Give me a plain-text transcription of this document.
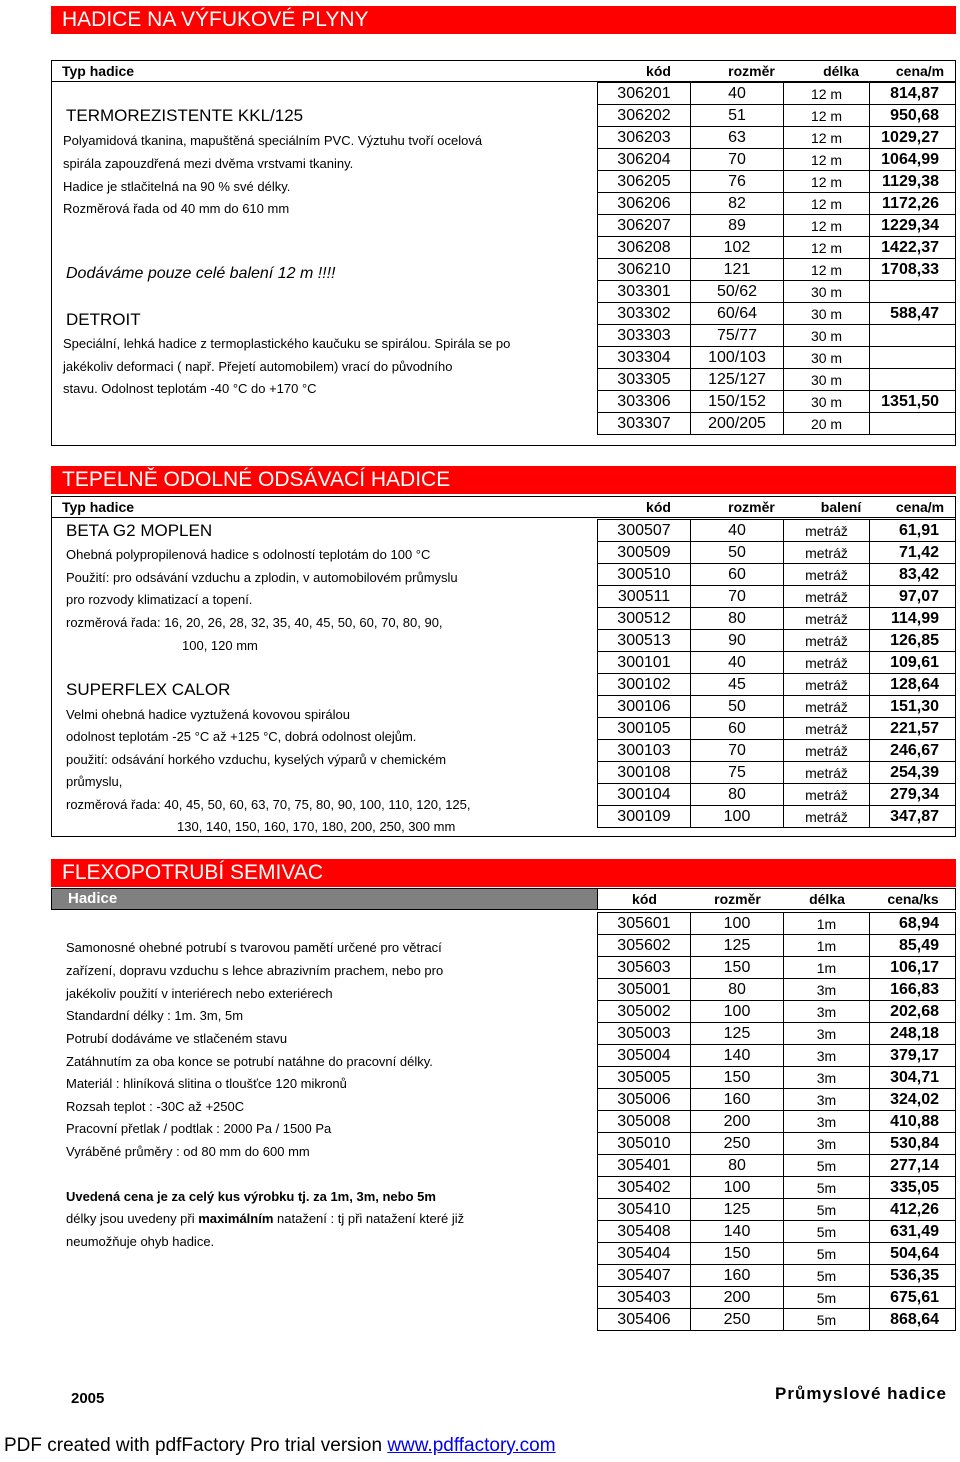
HADICE NA VÝFUKOVÉ PLYNY
Typ hadice	kód	rozměr	délka	cena/m
TERMOREZISTENTE KKL/125
Polyamidová tkanina, mapuštěná speciálním PVC. Výztuhu tvoří ocelová
spirála zapouzdřená mezi dvěma vrstvami tkaniny.
Hadice je stlačitelná na 90 % své délky.
Rozměrová řada od 40 mm do 610 mm
Dodáváme pouze celé balení 12 m !!!!
DETROIT
Speciální, lehká hadice z termoplastického kaučuku se spirálou. Spirála se po
jakékoliv deformaci ( např. Přejetí automobilem) vrací do původního
stavu. Odolnost teplotám -40 °C do +170 °C
306201	40	12 m	814,87
306202	51	12 m	950,68
306203	63	12 m	1029,27
306204	70	12 m	1064,99
306205	76	12 m	1129,38
306206	82	12 m	1172,26
306207	89	12 m	1229,34
306208	102	12 m	1422,37
306210	121	12 m	1708,33
303301	50/62	30 m	
303302	60/64	30 m	588,47
303303	75/77	30 m	
303304	100/103	30 m	
303305	125/127	30 m	
303306	150/152	30 m	1351,50
303307	200/205	20 m	
TEPELNĚ ODOLNÉ ODSÁVACÍ HADICE
Typ hadice	kód	rozměr	balení	cena/m
BETA G2 MOPLEN
Ohebná polypropilenová hadice s odolností teplotám do 100 °C
Použití: pro odsávání vzduchu a zplodin, v automobilovém průmyslu
pro rozvody klimatizací a topení.
rozměrová řada: 16, 20, 26, 28, 32, 35, 40, 45, 50, 60, 70, 80, 90,
100, 120 mm
SUPERFLEX CALOR
Velmi ohebná hadice vyztužená kovovou spirálou
odolnost teplotám -25 °C až +125 °C, dobrá odolnost olejům.
použití: odsávání horkého vzduchu, kyselých výparů v chemickém
průmyslu,
rozměrová řada: 40, 45, 50, 60, 63, 70, 75, 80, 90, 100, 110, 120, 125,
130, 140, 150, 160, 170, 180, 200, 250, 300 mm
300507	40	metráž	61,91
300509	50	metráž	71,42
300510	60	metráž	83,42
300511	70	metráž	97,07
300512	80	metráž	114,99
300513	90	metráž	126,85
300101	40	metráž	109,61
300102	45	metráž	128,64
300106	50	metráž	151,30
300105	60	metráž	221,57
300103	70	metráž	246,67
300108	75	metráž	254,39
300104	80	metráž	279,34
300109	100	metráž	347,87
FLEXOPOTRUBÍ SEMIVAC
Hadice	kód	rozměr	délka	cena/ks
Samonosné ohebné potrubí s tvarovou pamětí určené pro větrací
zařízení, dopravu vzduchu s lehce abrazivním prachem, nebo pro
jakékoliv použití v interiérech nebo exteriérech
Standardní délky : 1m. 3m, 5m
Potrubí dodáváme ve stlačeném stavu
Zatáhnutím za oba konce se potrubí natáhne do pracovní délky.
Materiál : hliníková slitina o tloušťce 120 mikronů
Rozsah teplot : -30C až +250C
Pracovní přetlak / podtlak : 2000 Pa / 1500 Pa
Vyráběné průměry : od 80 mm do 600 mm
Uvedená cena je za celý kus výrobku tj. za 1m, 3m, nebo 5m
délky jsou uvedeny při maximálním natažení : tj při natažení které již
neumožňuje ohyb hadice.
305601	100	1m	68,94
305602	125	1m	85,49
305603	150	1m	106,17
305001	80	3m	166,83
305002	100	3m	202,68
305003	125	3m	248,18
305004	140	3m	379,17
305005	150	3m	304,71
305006	160	3m	324,02
305008	200	3m	410,88
305010	250	3m	530,84
305401	80	5m	277,14
305402	100	5m	335,05
305410	125	5m	412,26
305408	140	5m	631,49
305404	150	5m	504,64
305407	160	5m	536,35
305403	200	5m	675,61
305406	250	5m	868,64
2005	Průmyslové hadice
PDF created with pdfFactory Pro trial version www.pdffactory.com
